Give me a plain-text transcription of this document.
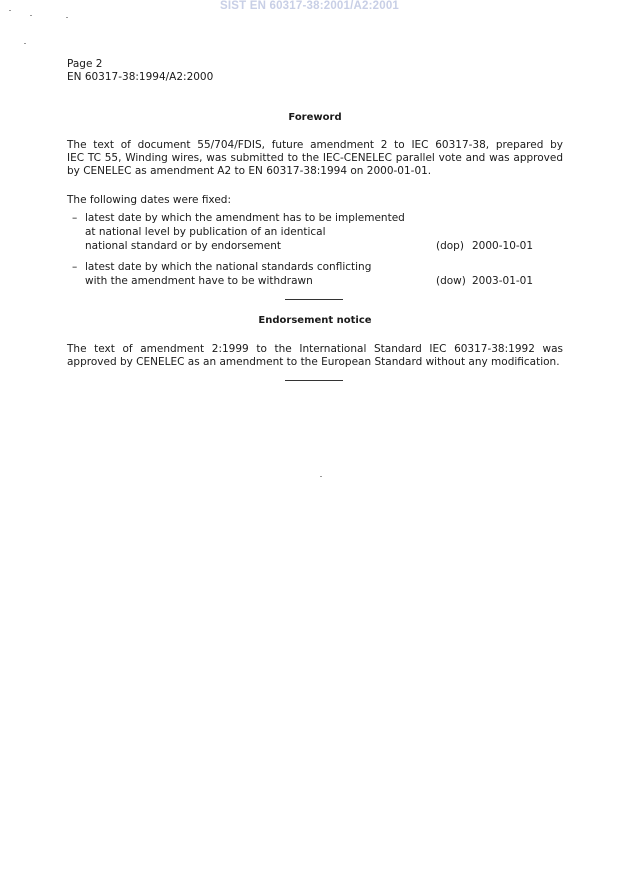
SIST EN 60317-38:2001/A2:2001
Page 2
EN 60317-38:1994/A2:2000
Foreword
The text of document 55/704/FDIS, future amendment 2 to IEC 60317-38, prepared by
IEC TC 55, Winding wires, was submitted to the IEC-CENELEC parallel vote and was approved
by CENELEC as amendment A2 to EN 60317-38:1994 on 2000-01-01.
The following dates were fixed:
– latest date by which the amendment has to be implemented
at national level by publication of an identical
national standard or by endorsement	(dop) 2000-10-01
– latest date by which the national standards conflicting
with the amendment have to be withdrawn	(dow) 2003-01-01
Endorsement notice
The text of amendment 2:1999 to the International Standard IEC 60317-38:1992 was
approved by CENELEC as an amendment to the European Standard without any modification.
